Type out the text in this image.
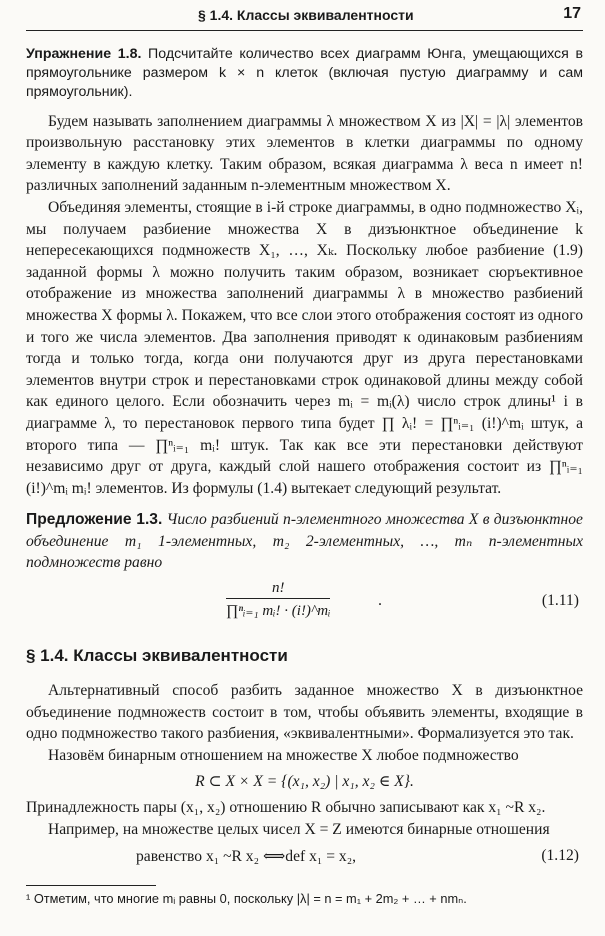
§ 1.4. Классы эквивалентности	17

Упражнение 1.8. Подсчитайте количество всех диаграмм Юнга, умещающихся в прямоугольнике размером k × n клеток (включая пустую диаграмму и сам прямоугольник).

Будем называть заполнением диаграммы λ множеством X из |X| = |λ| элементов произвольную расстановку этих элементов в клетки диаграммы по одному элементу в каждую клетку. Таким образом, всякая диаграмма λ веса n имеет n! различных заполнений заданным n-элементным множеством X.

Объединяя элементы, стоящие в i-й строке диаграммы, в одно подмножество Xᵢ, мы получаем разбиение множества X в дизъюнктное объединение k непересекающихся подмножеств X₁, …, Xₖ. Поскольку любое разбиение (1.9) заданной формы λ можно получить таким образом, возникает сюръективное отображение из множества заполнений диаграммы λ в множество разбиений множества X формы λ. Покажем, что все слои этого отображения состоят из одного и того же числа элементов. Два заполнения приводят к одинаковым разбиениям тогда и только тогда, когда они получаются друг из друга перестановками элементов внутри строк и перестановками строк одинаковой длины между собой как единого целого. Если обозначить через mᵢ = mᵢ(λ) число строк длины¹ i в диаграмме λ, то перестановок первого типа будет ∏ λᵢ! = ∏ⁿᵢ₌₁ (i!)^mᵢ штук, а второго типа — ∏ⁿᵢ₌₁ mᵢ! штук. Так как все эти перестановки действуют независимо друг от друга, каждый слой нашего отображения состоит из ∏ⁿᵢ₌₁ (i!)^mᵢ mᵢ! элементов. Из формулы (1.4) вытекает следующий результат.

Предложение 1.3. Число разбиений n-элементного множества X в дизъюнктное объединение m₁ 1-элементных, m₂ 2-элементных, …, mₙ n-элементных подмножеств равно

$\frac{n!}{\text{∏ⁿᵢ₌₁ mᵢ! · (i!)\textasciicircum{}mᵢ}}$	.	(1.11)
§ 1.4. Классы эквивалентности

Альтернативный способ разбить заданное множество X в дизъюнктное объединение подмножеств состоит в том, чтобы объявить элементы, входящие в одно подмножество такого разбиения, «эквивалентными». Формализуется это так.

Назовём бинарным отношением на множестве X любое подмножество

R ⊂ X × X = {(x₁, x₂) | x₁, x₂ ∈ X}.

Принадлежность пары (x₁, x₂) отношению R обычно записывают как x₁ ~R x₂.

Например, на множестве целых чисел X = Z имеются бинарные отношения

равенство x₁ ~R x₂ ⟺def x₁ = x₂,	(1.12)

¹ Отметим, что многие mᵢ равны 0, поскольку |λ| = n = m₁ + 2m₂ + … + nmₙ.
